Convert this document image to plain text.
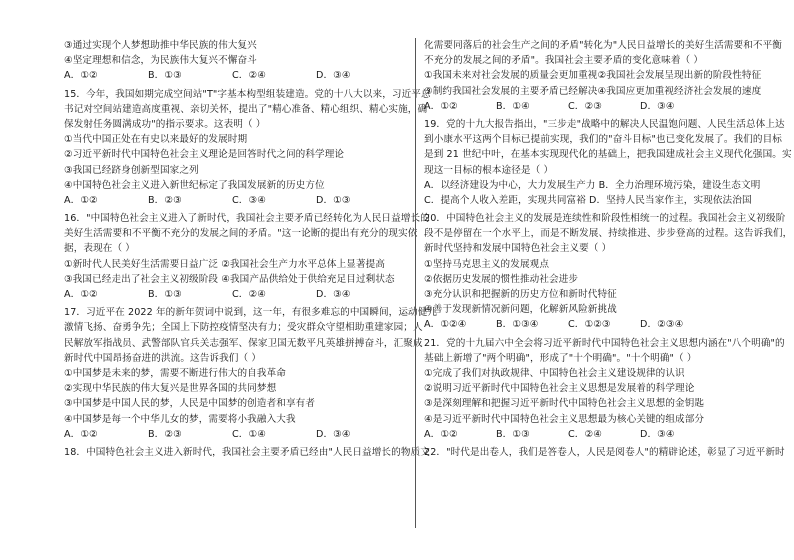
③通过实现个人梦想助推中华民族的伟大复兴
④坚定理想和信念，为民族伟大复兴不懈奋斗
A．①②	B．①③	C．②④	D．③④
15．今年，我国如期完成空间站"T"字基本构型组装建造。党的十八大以来，习近平总
书记对空间站建造高度重视、亲切关怀，提出了"精心准备、精心组织、精心实施，确
保发射任务圆满成功"的指示要求。这表明（ ）
①当代中国正处在有史以来最好的发展时期
②习近平新时代中国特色社会主义理论是回答时代之问的科学理论
③我国已经跻身创新型国家之列
④中国特色社会主义进入新世纪标定了我国发展新的历史方位
A．①②	B．②③	C．③④	D．①③
16．"中国特色社会主义进入了新时代，我国社会主要矛盾已经转化为人民日益增长的
美好生活需要和不平衡不充分的发展之间的矛盾。"这一论断的提出有充分的现实依
据，表现在（ ）
①新时代人民美好生活需要日益广泛 ②我国社会生产力水平总体上显著提高
③我国已经走出了社会主义初级阶段 ④我国产品供给处于供给充足目过剩状态
A．①②	B．①③	C．②④	D．③④
17．习近平在 2022 年的新年贺词中说到，这一年，有很多难忘的中国瞬间，运动健儿
激情飞扬、奋勇争先；全国上下防控疫情坚决有力；受灾群众守望相助重建家园；人
民解放军指战员、武警部队官兵关志强军、保家卫国无数平凡英雄拼搏奋斗，汇聚成
新时代中国昂扬奋进的洪流。这告诉我们（ ）
①中国梦是未来的梦，需要不断进行伟大的自我革命
②实现中华民族的伟大复兴是世界各国的共同梦想
③中国梦是中国人民的梦，人民是中国梦的创造者和享有者
④中国梦是每一个中华儿女的梦，需要将小我融入大我
A．①②	B．②③	C．①④	D．③④
18．中国特色社会主义进入新时代，我国社会主要矛盾已经由"人民日益增长的物质文
化需要同落后的社会生产之间的矛盾"转化为"人民日益增长的美好生活需要和不平衡
不充分的发展之间的矛盾"。我国社会主要矛盾的变化意味着（ ）
①我国未来对社会发展的质量会更加重视②我国社会发展呈现出新的阶段性特征
③制约我国社会发展的主要矛盾已经解决④我国应更加重视经济社会发展的速度
A．①②	B．①④	C．②③	D．③④
19．党的十九大报告指出，"三步走"战略中的解决人民温饱问题、人民生活总体上达
到小康水平这两个目标已提前实现，我们的"奋斗目标"也已变化发展了。我们的目标
是到 21 世纪中叶，在基本实现现代化的基础上，把我国建成社会主义现代化强国。实
现这一目标的根本途径是（ ）
A．以经济建设为中心，大力发展生产力 B．全力治理环境污染，建设生态文明
C．提高个人收入差距，实现共同富裕 D．坚持人民当家作主，实现依法治国
20．中国特色社会主义的发展是连续性和阶段性相统一的过程。我国社会主义初级阶
段不是停留在一个水平上，而是不断发展、持续推进、步步登高的过程。这告诉我们，
新时代坚持和发展中国特色社会主义要（ ）
①坚持马克思主义的发展观点
②依据历史发展的惯性推动社会进步
③充分认识和把握新的历史方位和新时代特征
④善于发现新情况新问题，化解新风险新挑战
A．①②④	B．①③④	C．①②③	D．②③④
21．党的十九届六中全会将习近平新时代中国特色社会主义思想内涵在"八个明确"的
基础上新增了"两个明确"，形成了"十个明确"。"十个明确"（ ）
①完成了我们对执政规律、中国特色社会主义建设规律的认识
②说明习近平新时代中国特色社会主义思想是发展着的科学理论
③是深刻理解和把握习近平新时代中国特色社会主义思想的金钥匙
④是习近平新时代中国特色社会主义思想最为核心关键的组成部分
A．①②	B．①③	C．②④	D．③④
22．"时代是出卷人，我们是答卷人，人民是阅卷人"的精辟论述，彰显了习近平新时
